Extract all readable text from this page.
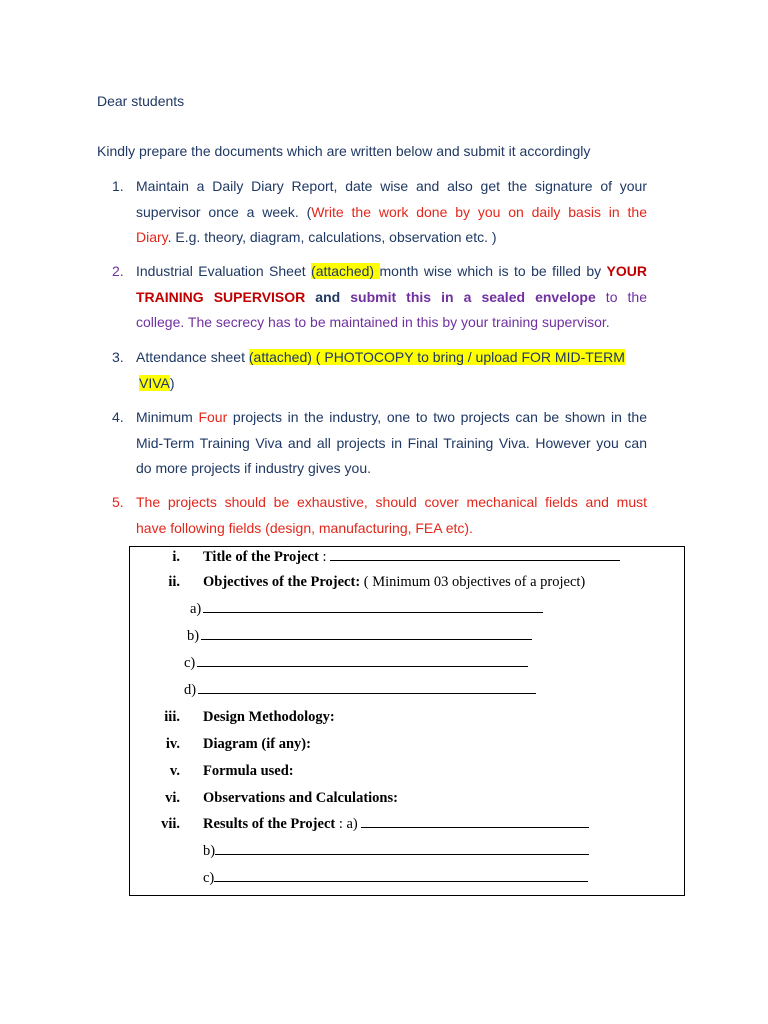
Dear students
Kindly prepare the documents which are written below and submit it accordingly
1. Maintain a Daily Diary Report, date wise and also get the signature of your
supervisor once a week. (Write the work done by you on daily basis in the
Diary. E.g. theory, diagram, calculations, observation etc. )
2. Industrial Evaluation Sheet (attached) month wise which is to be filled by YOUR
TRAINING SUPERVISOR and submit this in a sealed envelope to the
college. The secrecy has to be maintained in this by your training supervisor.
3. Attendance sheet (attached) ( PHOTOCOPY to bring / upload FOR MID-TERM
VIVA)
4. Minimum Four projects in the industry, one to two projects can be shown in the
Mid-Term Training Viva and all projects in Final Training Viva. However you can
do more projects if industry gives you.
5. The projects should be exhaustive, should cover mechanical fields and must
have following fields (design, manufacturing, FEA etc).
i. Title of the Project :
ii. Objectives of the Project: ( Minimum 03 objectives of a project)
a)
b)
c)
d)
iii. Design Methodology:
iv. Diagram (if any):
v. Formula used:
vi. Observations and Calculations:
vii. Results of the Project : a)
b)
c)
